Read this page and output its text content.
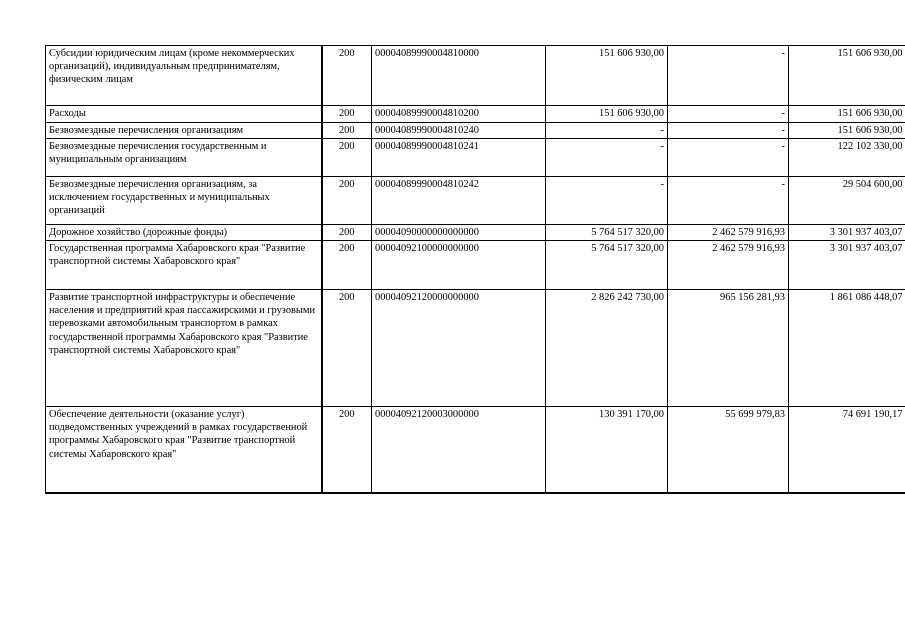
Субсидии юридическим лицам (кроме некоммерческих организаций), индивидуальным предпринимателям, физическим лицам	200	00004089990004810000	151 606 930,00	-	151 606 930,00
Расходы	200	00004089990004810200	151 606 930,00	-	151 606 930,00
Безвозмездные перечисления организациям	200	00004089990004810240	-	-	151 606 930,00
Безвозмездные перечисления государственным и муниципальным организациям	200	00004089990004810241	-	-	122 102 330,00
Безвозмездные перечисления организациям, за исключением государственных и муниципальных организаций	200	00004089990004810242	-	-	29 504 600,00
Дорожное хозяйство (дорожные фонды)	200	00004090000000000000	5 764 517 320,00	2 462 579 916,93	3 301 937 403,07
Государственная программа Хабаровского края "Развитие транспортной системы Хабаровского края"	200	00004092100000000000	5 764 517 320,00	2 462 579 916,93	3 301 937 403,07
Развитие транспортной инфраструктуры и обеспечение населения и предприятий края пассажирскими и грузовыми перевозками автомобильным транспортом в рамках государственной программы Хабаровского края "Развитие транспортной системы Хабаровского края"	200	00004092120000000000	2 826 242 730,00	965 156 281,93	1 861 086 448,07
Обеспечение деятельности (оказание услуг) подведомственных учреждений в рамках государственной программы Хабаровского края "Развитие транспортной системы Хабаровского края"	200	00004092120003000000	130 391 170,00	55 699 979,83	74 691 190,17
